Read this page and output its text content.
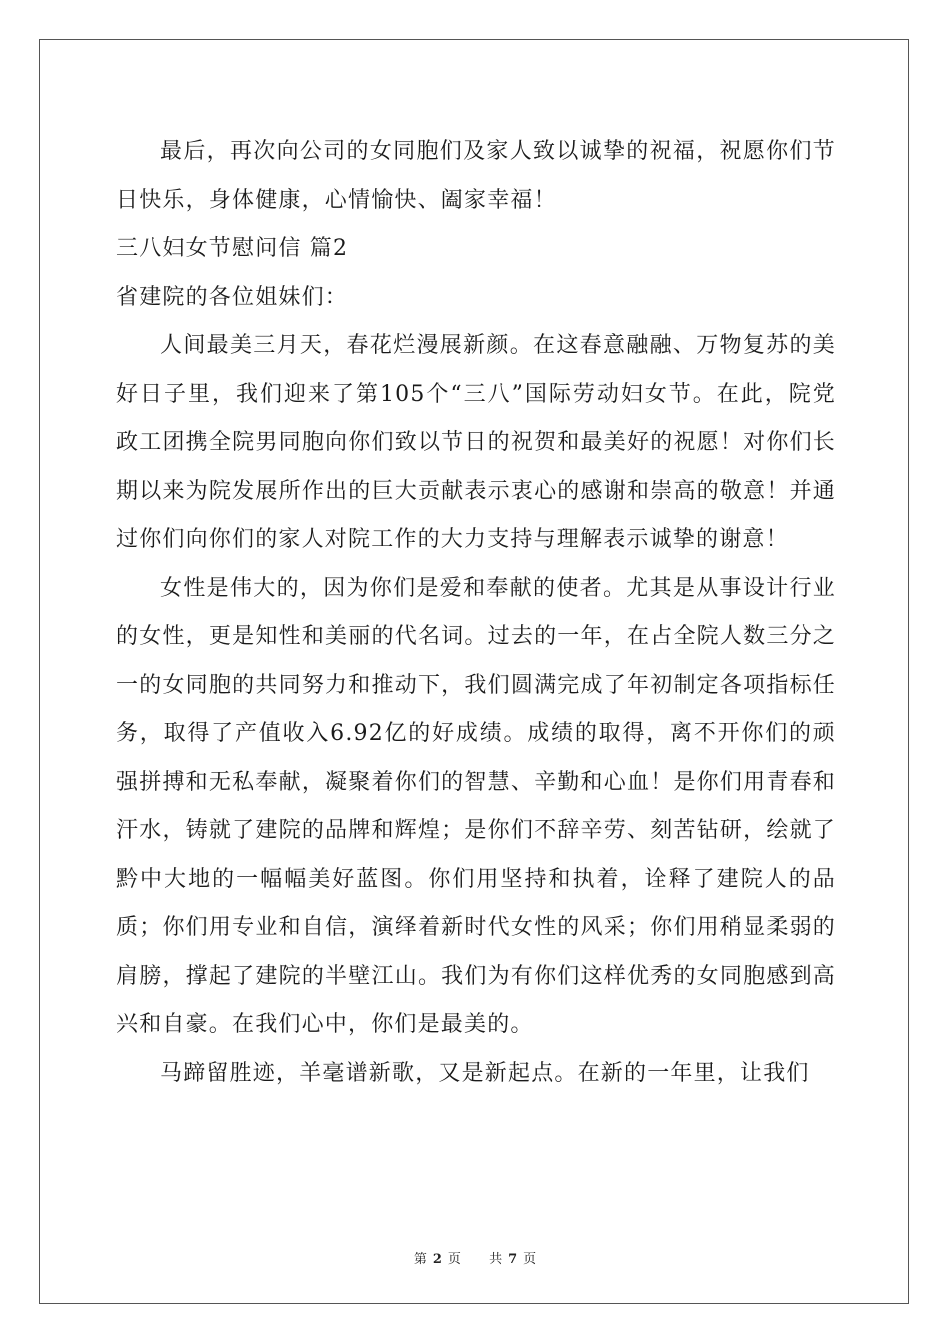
最后，再次向公司的女同胞们及家人致以诚挚的祝福，祝愿你们节日快乐，身体健康，心情愉快、阖家幸福！

三八妇女节慰问信 篇2

省建院的各位姐妹们：

人间最美三月天，春花烂漫展新颜。在这春意融融、万物复苏的美好日子里，我们迎来了第105个“三八”国际劳动妇女节。在此，院党政工团携全院男同胞向你们致以节日的祝贺和最美好的祝愿！对你们长期以来为院发展所作出的巨大贡献表示衷心的感谢和崇高的敬意！并通过你们向你们的家人对院工作的大力支持与理解表示诚挚的谢意！

女性是伟大的，因为你们是爱和奉献的使者。尤其是从事设计行业的女性，更是知性和美丽的代名词。过去的一年，在占全院人数三分之一的女同胞的共同努力和推动下，我们圆满完成了年初制定各项指标任务，取得了产值收入6.92亿的好成绩。成绩的取得，离不开你们的顽强拼搏和无私奉献，凝聚着你们的智慧、辛勤和心血！是你们用青春和汗水，铸就了建院的品牌和辉煌；是你们不辞辛劳、刻苦钻研，绘就了黔中大地的一幅幅美好蓝图。你们用坚持和执着，诠释了建院人的品质；你们用专业和自信，演绎着新时代女性的风采；你们用稍显柔弱的肩膀，撑起了建院的半壁江山。我们为有你们这样优秀的女同胞感到高兴和自豪。在我们心中，你们是最美的。

马蹄留胜迹，羊毫谱新歌，又是新起点。在新的一年里，让我们

第 2 页 共 7 页
